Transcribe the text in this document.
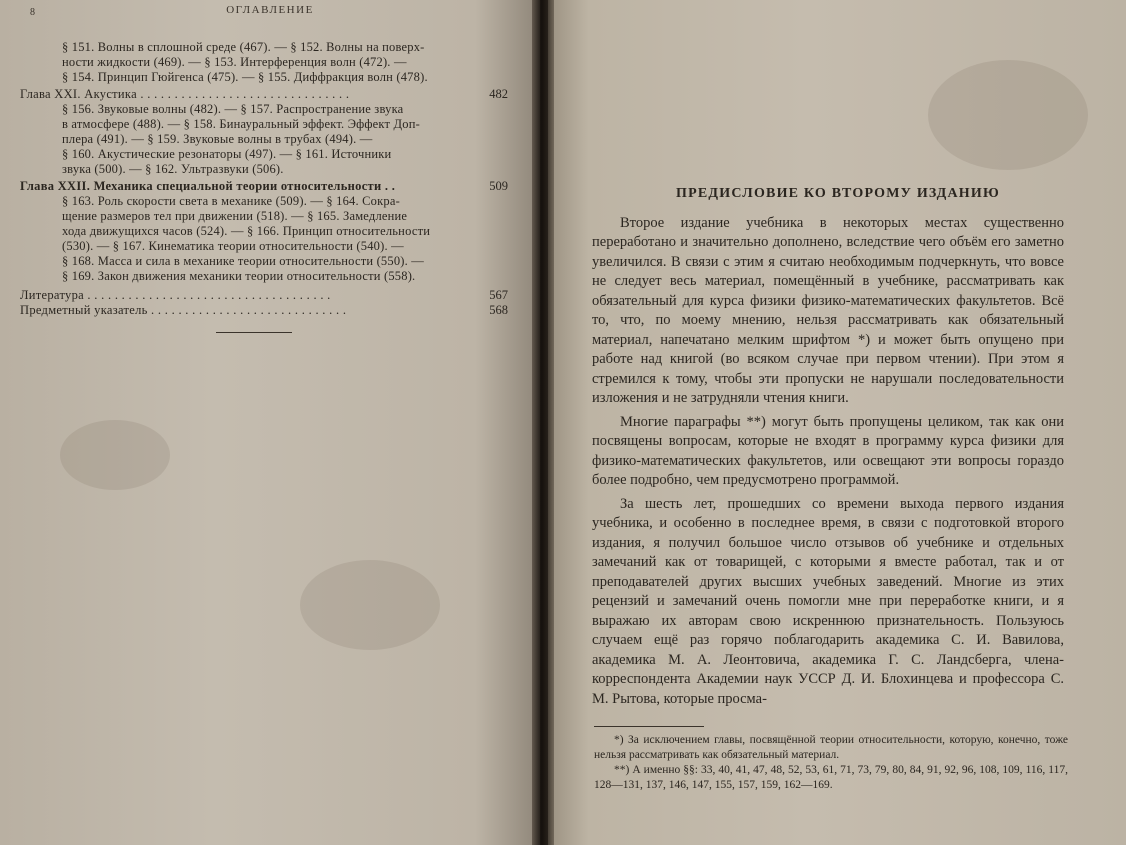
8	ОГЛАВЛЕНИЕ
§ 151. Волны в сплошной среде (467). — § 152. Волны на поверх-
ности жидкости (469). — § 153. Интерференция волн (472). —
§ 154. Принцип Гюйгенса (475). — § 155. Диффракция волн (478).
Глава XXI. Акустика . . . . . . . . . . . . . . . . . . . . . . . . . . . . . . .	482
§ 156. Звуковые волны (482). — § 157. Распространение звука
в атмосфере (488). — § 158. Бинауральный эффект. Эффект Доп-
плера (491). — § 159. Звуковые волны в трубах (494). —
§ 160. Акустические резонаторы (497). — § 161. Источники
звука (500). — § 162. Ультразвуки (506).
Глава XXII. Механика специальной теории относительности . .	509
§ 163. Роль скорости света в механике (509). — § 164. Сокра-
щение размеров тел при движении (518). — § 165. Замедление
хода движущихся часов (524). — § 166. Принцип относительности
(530). — § 167. Кинематика теории относительности (540). —
§ 168. Масса и сила в механике теории относительности (550). —
§ 169. Закон движения механики теории относительности (558).
Литература . . . . . . . . . . . . . . . . . . . . . . . . . . . . . . . . . . . .	567
Предметный указатель . . . . . . . . . . . . . . . . . . . . . . . . . . . . .	568
ПРЕДИСЛОВИЕ КО ВТОРОМУ ИЗДАНИЮ

Второе издание учебника в некоторых местах существенно переработано и значительно дополнено, вследствие чего объём его заметно увеличился. В связи с этим я считаю необходимым подчеркнуть, что вовсе не следует весь материал, помещённый в учебнике, рассматривать как обязательный для курса физики физико-математических факультетов. Всё то, что, по моему мнению, нельзя рассматривать как обязательный материал, напечатано мелким шрифтом *) и может быть опущено при работе над книгой (во всяком случае при первом чтении). При этом я стремился к тому, чтобы эти пропуски не нарушали последовательности изложения и не затрудняли чтения книги.

Многие параграфы **) могут быть пропущены целиком, так как они посвящены вопросам, которые не входят в программу курса физики для физико-математических факультетов, или освещают эти вопросы гораздо более подробно, чем предусмотрено программой.

За шесть лет, прошедших со времени выхода первого издания учебника, и особенно в последнее время, в связи с подготовкой второго издания, я получил большое число отзывов об учебнике и отдельных замечаний как от товарищей, с которыми я вместе работал, так и от преподавателей других высших учебных заведений. Многие из этих рецензий и замечаний очень помогли мне при переработке книги, и я выражаю их авторам свою искреннюю признательность. Пользуюсь случаем ещё раз горячо поблагодарить академика С. И. Вавилова, академика М. А. Леонтовича, академика Г. С. Ландсберга, члена-корреспондента Академии наук УССР Д. И. Блохинцева и профессора С. М. Рытова, которые просма-

*) За исключением главы, посвящённой теории относительности, которую, конечно, тоже нельзя рассматривать как обязательный материал.

**) А именно §§: 33, 40, 41, 47, 48, 52, 53, 61, 71, 73, 79, 80, 84, 91, 92, 96, 108, 109, 116, 117, 128—131, 137, 146, 147, 155, 157, 159, 162—169.
